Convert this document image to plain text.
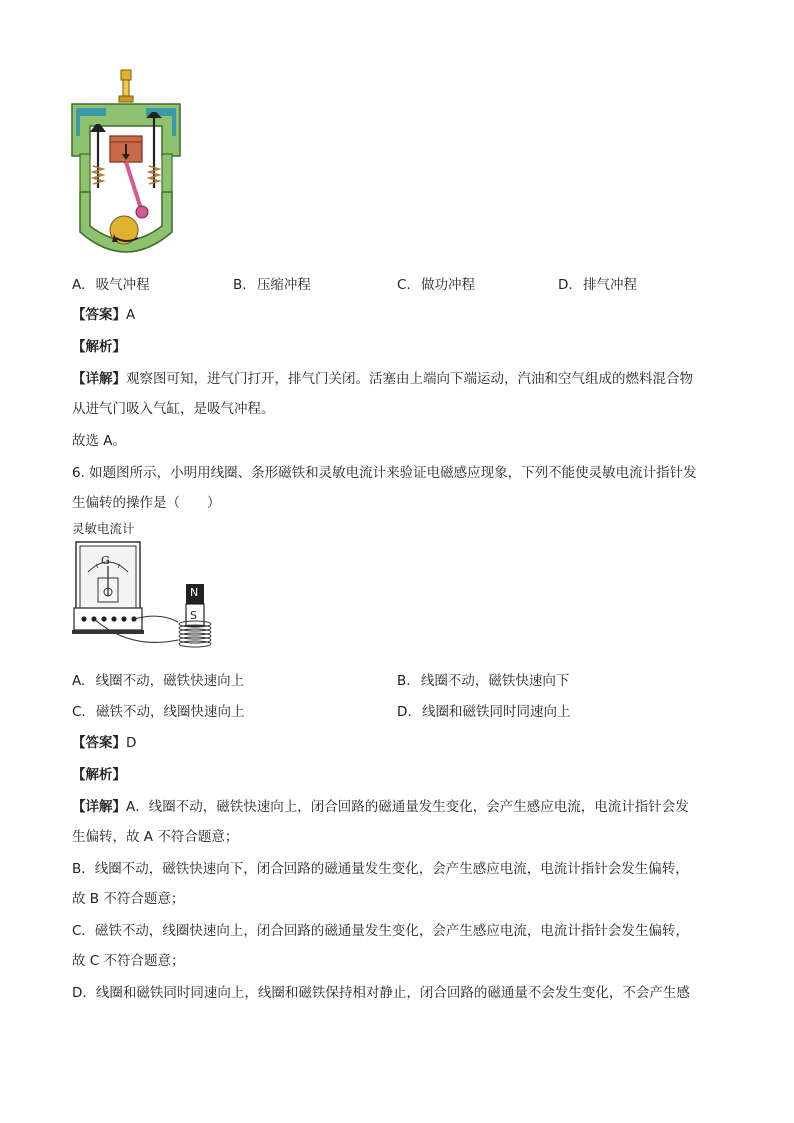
A. 吸气冲程	B. 压缩冲程	C. 做功冲程	D. 排气冲程
【答案】A
【解析】
【详解】观察图可知，进气门打开，排气门关闭。活塞由上端向下端运动，汽油和空气组成的燃料混合物
从进气门吸入气缸，是吸气冲程。
故选 A。
6. 如题图所示，小明用线圈、条形磁铁和灵敏电流计来验证电磁感应现象，下列不能使灵敏电流计指针发
生偏转的操作是（　　）
灵敏电流计
G
N
S
A. 线圈不动，磁铁快速向上	B. 线圈不动，磁铁快速向下
C. 磁铁不动，线圈快速向上	D. 线圈和磁铁同时同速向上
【答案】D
【解析】
【详解】A．线圈不动，磁铁快速向上，闭合回路的磁通量发生变化，会产生感应电流，电流计指针会发
生偏转，故 A 不符合题意；
B．线圈不动，磁铁快速向下，闭合回路的磁通量发生变化，会产生感应电流，电流计指针会发生偏转，
故 B 不符合题意；
C．磁铁不动，线圈快速向上，闭合回路的磁通量发生变化，会产生感应电流，电流计指针会发生偏转，
故 C 不符合题意；
D．线圈和磁铁同时同速向上，线圈和磁铁保持相对静止，闭合回路的磁通量不会发生变化，不会产生感
